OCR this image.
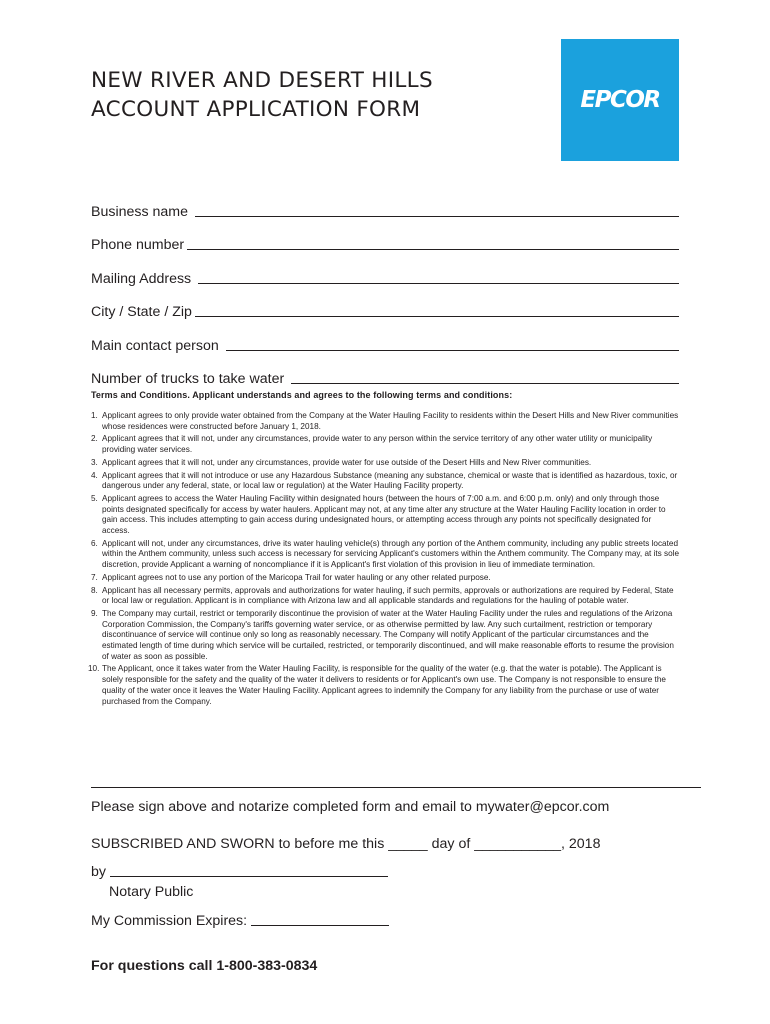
NEW RIVER AND DESERT HILLS
ACCOUNT APPLICATION FORM	EPCOR
Business name
Phone number
Mailing Address
City / State / Zip
Main contact person
Number of trucks to take water
Terms and Conditions. Applicant understands and agrees to the following terms and conditions:
1. Applicant agrees to only provide water obtained from the Company at the Water Hauling Facility to residents within the Desert Hills and New River communities whose residences were constructed before January 1, 2018.
2. Applicant agrees that it will not, under any circumstances, provide water to any person within the service territory of any other water utility or municipality providing water services.
3. Applicant agrees that it will not, under any circumstances, provide water for use outside of the Desert Hills and New River communities.
4. Applicant agrees that it will not introduce or use any Hazardous Substance (meaning any substance, chemical or waste that is identified as hazardous, toxic, or dangerous under any federal, state, or local law or regulation) at the Water Hauling Facility property.
5. Applicant agrees to access the Water Hauling Facility within designated hours (between the hours of 7:00 a.m. and 6:00 p.m. only) and only through those points designated specifically for access by water haulers. Applicant may not, at any time alter any structure at the Water Hauling Facility location in order to gain access. This includes attempting to gain access during undesignated hours, or attempting access through any points not specifically designated for access.
6. Applicant will not, under any circumstances, drive its water hauling vehicle(s) through any portion of the Anthem community, including any public streets located within the Anthem community, unless such access is necessary for servicing Applicant's customers within the Anthem community. The Company may, at its sole discretion, provide Applicant a warning of noncompliance if it is Applicant's first violation of this provision in lieu of immediate termination.
7. Applicant agrees not to use any portion of the Maricopa Trail for water hauling or any other related purpose.
8. Applicant has all necessary permits, approvals and authorizations for water hauling, if such permits, approvals or authorizations are required by Federal, State or local law or regulation. Applicant is in compliance with Arizona law and all applicable standards and regulations for the hauling of potable water.
9. The Company may curtail, restrict or temporarily discontinue the provision of water at the Water Hauling Facility under the rules and regulations of the Arizona Corporation Commission, the Company's tariffs governing water service, or as otherwise permitted by law. Any such curtailment, restriction or temporary discontinuance of service will continue only so long as reasonably necessary. The Company will notify Applicant of the particular circumstances and the estimated length of time during which service will be curtailed, restricted, or temporarily discontinued, and will make reasonable efforts to resume the provision of water as soon as possible.
10. The Applicant, once it takes water from the Water Hauling Facility, is responsible for the quality of the water (e.g. that the water is potable). The Applicant is solely responsible for the safety and the quality of the water it delivers to residents or for Applicant's own use. The Company is not responsible to ensure the quality of the water once it leaves the Water Hauling Facility. Applicant agrees to indemnify the Company for any liability from the purchase or use of water purchased from the Company.
Please sign above and notarize completed form and email to mywater@epcor.com
SUBSCRIBED AND SWORN to before me this _____ day of ___________, 2018
by
Notary Public
My Commission Expires:
For questions call 1-800-383-0834
